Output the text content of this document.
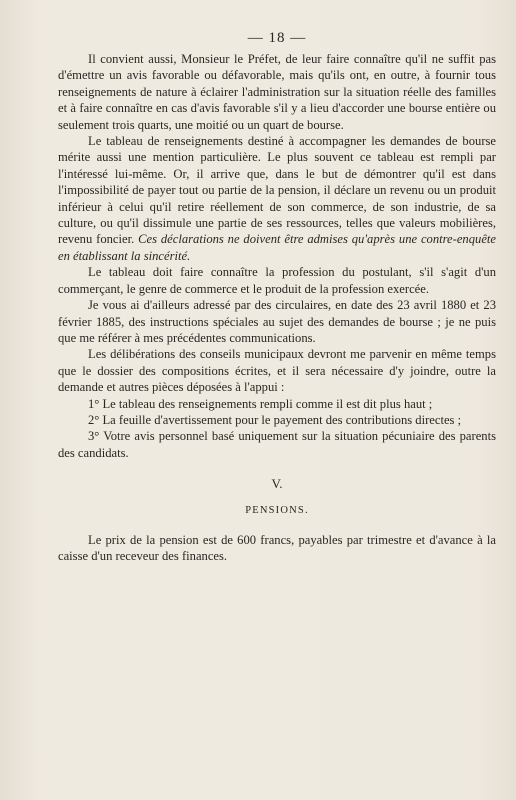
— 18 —

Il convient aussi, Monsieur le Préfet, de leur faire connaître qu'il ne suffit pas d'émettre un avis favorable ou défavorable, mais qu'ils ont, en outre, à fournir tous renseignements de nature à éclairer l'administration sur la situation réelle des familles et à faire connaître en cas d'avis favorable s'il y a lieu d'accorder une bourse entière ou seulement trois quarts, une moitié ou un quart de bourse.

Le tableau de renseignements destiné à accompagner les demandes de bourse mérite aussi une mention particulière. Le plus souvent ce tableau est rempli par l'intéressé lui-même. Or, il arrive que, dans le but de démontrer qu'il est dans l'impossibilité de payer tout ou partie de la pension, il déclare un revenu ou un produit inférieur à celui qu'il retire réellement de son commerce, de son industrie, de sa culture, ou qu'il dissimule une partie de ses ressources, telles que valeurs mobilières, revenu foncier. Ces déclarations ne doivent être admises qu'après une contre-enquête en établissant la sincérité.

Le tableau doit faire connaître la profession du postulant, s'il s'agit d'un commerçant, le genre de commerce et le produit de la profession exercée.

Je vous ai d'ailleurs adressé par des circulaires, en date des 23 avril 1880 et 23 février 1885, des instructions spéciales au sujet des demandes de bourse ; je ne puis que me référer à mes précédentes communications.

Les délibérations des conseils municipaux devront me parvenir en même temps que le dossier des compositions écrites, et il sera nécessaire d'y joindre, outre la demande et autres pièces déposées à l'appui :

1° Le tableau des renseignements rempli comme il est dit plus haut ;

2° La feuille d'avertissement pour le payement des contributions directes ;

3° Votre avis personnel basé uniquement sur la situation pécuniaire des parents des candidats.

V.
PENSIONS.

Le prix de la pension est de 600 francs, payables par trimestre et d'avance à la caisse d'un receveur des finances.
